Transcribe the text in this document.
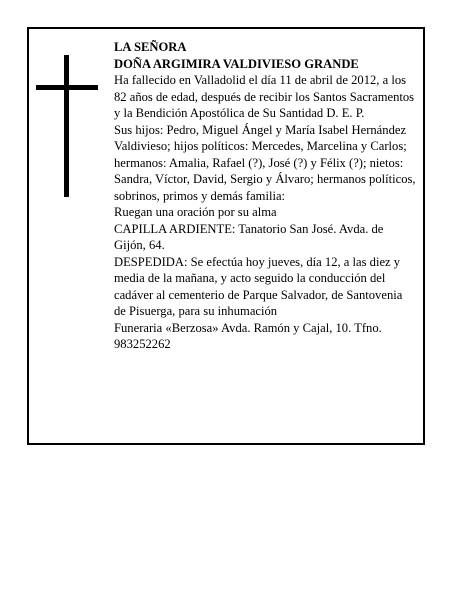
LA SEÑORA

DOÑA ARGIMIRA VALDIVIESO GRANDE

Ha fallecido en Valladolid el día 11 de abril de 2012, a los 82 años de edad, después de recibir los Santos Sacramentos y la Bendición Apostólica de Su Santidad D. E. P.

Sus hijos: Pedro, Miguel Ángel y María Isabel Hernández Valdivieso; hijos políticos: Mercedes, Marcelina y Carlos; hermanos: Amalia, Rafael (?), José (?) y Félix (?); nietos: Sandra, Víctor, David, Sergio y Álvaro; hermanos políticos, sobrinos, primos y demás familia:

Ruegan una oración por su alma

CAPILLA ARDIENTE: Tanatorio San José. Avda. de Gijón, 64.

DESPEDIDA: Se efectúa hoy jueves, día 12, a las diez y media de la mañana, y acto seguido la conducción del cadáver al cementerio de Parque Salvador, de Santovenia de Pisuerga, para su inhumación

Funeraria «Berzosa» Avda. Ramón y Cajal, 10. Tfno. 983252262
